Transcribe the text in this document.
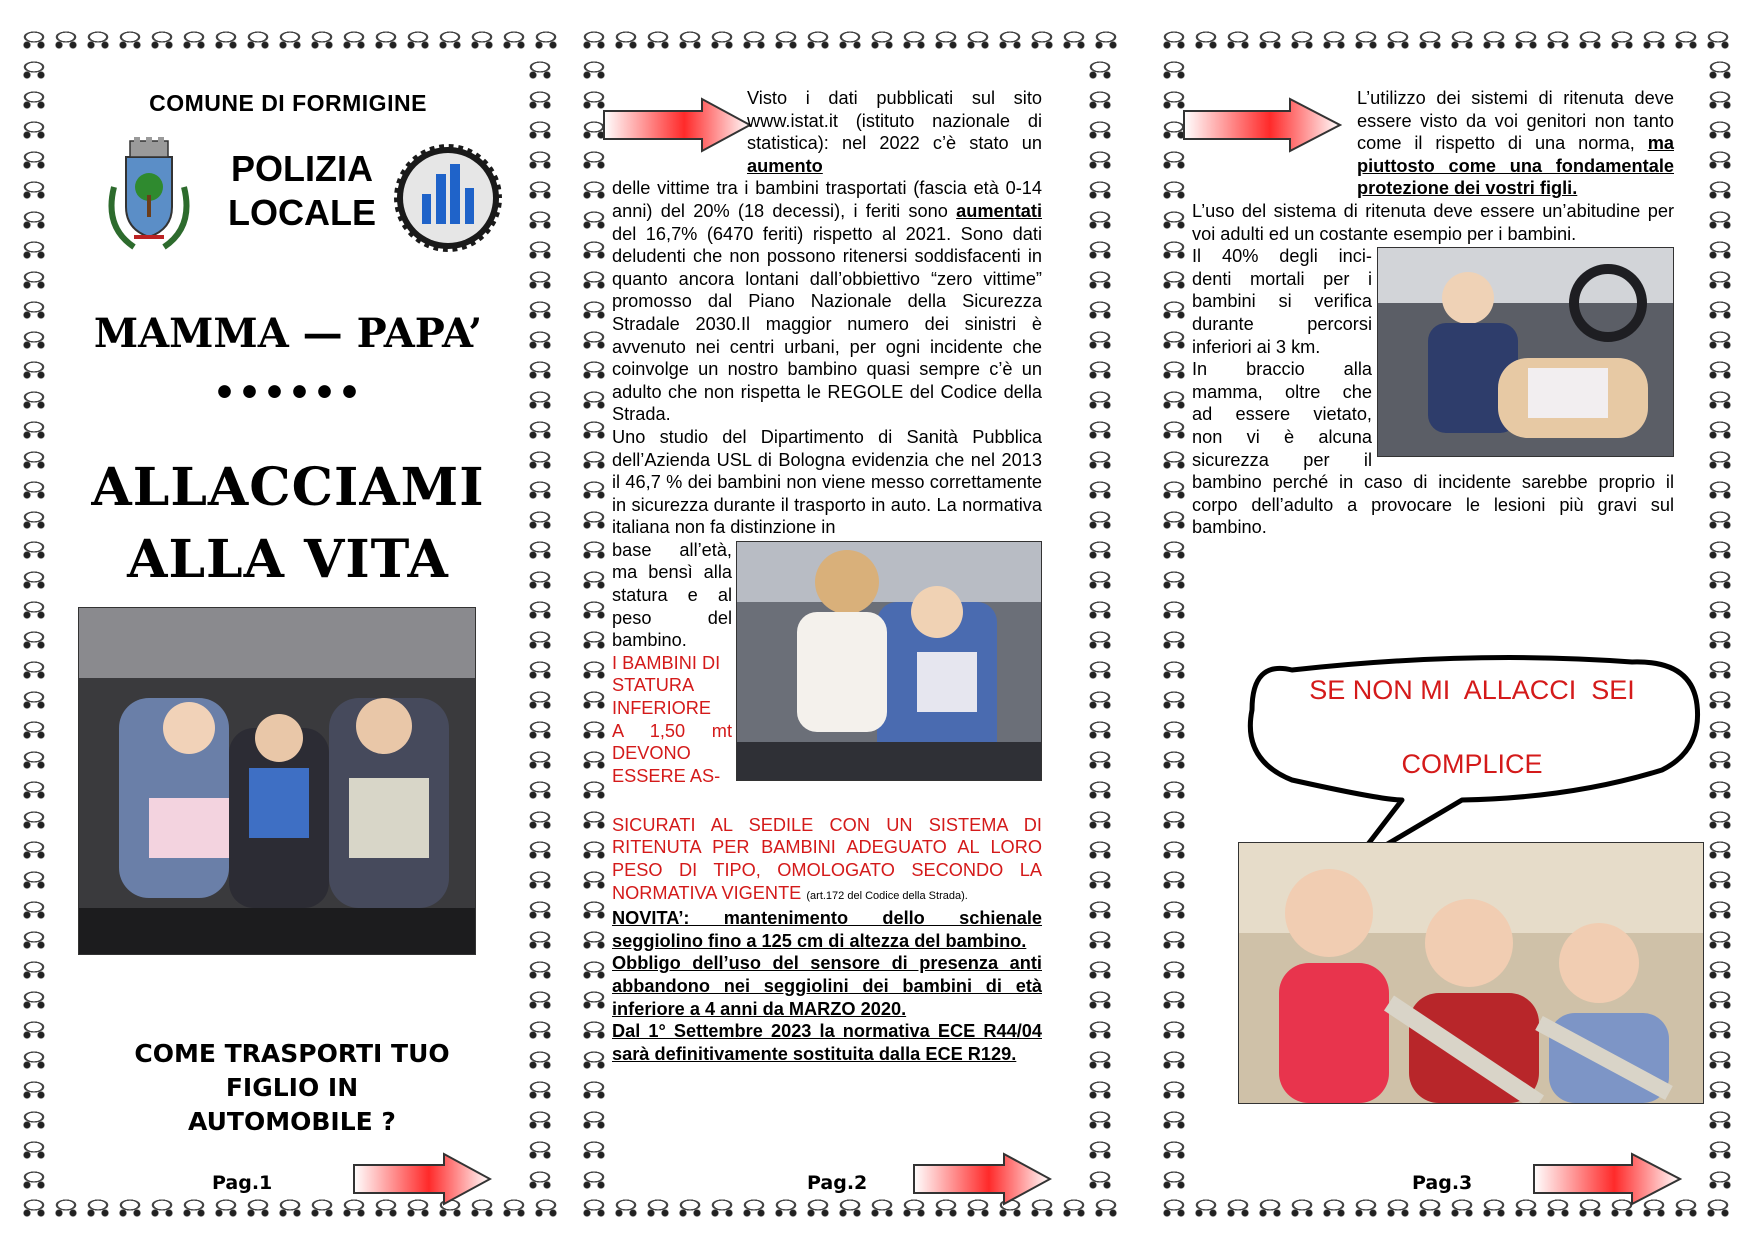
COMUNE DI FORMIGINE
POLIZIA
LOCALE
MAMMA — PAPA’
••••••
ALLACCIAMI
ALLA VITA
COME TRASPORTI TUO
FIGLIO IN
AUTOMOBILE ?
Pag.1

Visto i dati pubblicati sul sito www.istat.it (istituto nazionale di statistica): nel 2022 c’è stato un aumento

delle vittime tra i bambini trasportati (fascia età 0-14 anni) del 20% (18 decessi), i feriti sono aumentati del 16,7% (6470 feriti) rispetto al 2021. Sono dati deludenti che non possono ritenersi soddisfacenti in quanto ancora lontani dall’obbiettivo “zero vittime” promosso dal Piano Nazionale della Sicurezza Stradale 2030.Il maggior numero dei sinistri è avvenuto nei centri urbani, per ogni incidente che coinvolge un nostro bambino quasi sempre c’è un adulto che non rispetta le REGOLE del Codice della Strada.

Uno studio del Dipartimento di Sanità Pubblica dell’Azienda USL di Bologna evidenzia che nel 2013 il 46,7 % dei bambini non viene messo correttamente in sicurezza durante il trasporto in auto. La normativa italiana non fa distinzione in

base all’età,
ma bensì alla
statura e al
peso del
bambino.
I BAMBINI DI
STATURA
INFERIORE
A 1,50 mt
DEVONO
ESSERE AS-

SICURATI AL SEDILE CON UN SISTEMA DI RITENUTA PER BAMBINI ADEGUATO AL LORO PESO DI TIPO, OMOLOGATO SECONDO LA NORMATIVA VIGENTE (art.172 del Codice della Strada).

NOVITA’: mantenimento dello schienale seggiolino fino a 125 cm di altezza del bambino.

Obbligo dell’uso del sensore di presenza anti abbandono nei seggiolini dei bambini di età inferiore a 4 anni da MARZO 2020.

Dal 1° Settembre 2023 la normativa ECE R44/04 sarà definitivamente sostituita dalla ECE R129.

Pag.2

L’utilizzo dei sistemi di ritenuta deve essere visto da voi genitori non tanto come il rispetto di una norma, ma piuttosto come una fondamentale protezione dei vostri figli.

L’uso del sistema di ritenuta deve essere un’abitudine per voi adulti ed un costante esempio per i bambini.

Il 40% degli inci-
denti mortali per i
bambini si verifica
durante percorsi
inferiori ai 3 km.
In braccio alla
mamma, oltre che
ad essere vietato,
non vi è alcuna
sicurezza per il

bambino perché in caso di incidente sarebbe proprio il corpo dell’adulto a provocare le lesioni più gravi sul bambino.

SE NON MI  ALLACCI  SEI
COMPLICE
Pag.3
